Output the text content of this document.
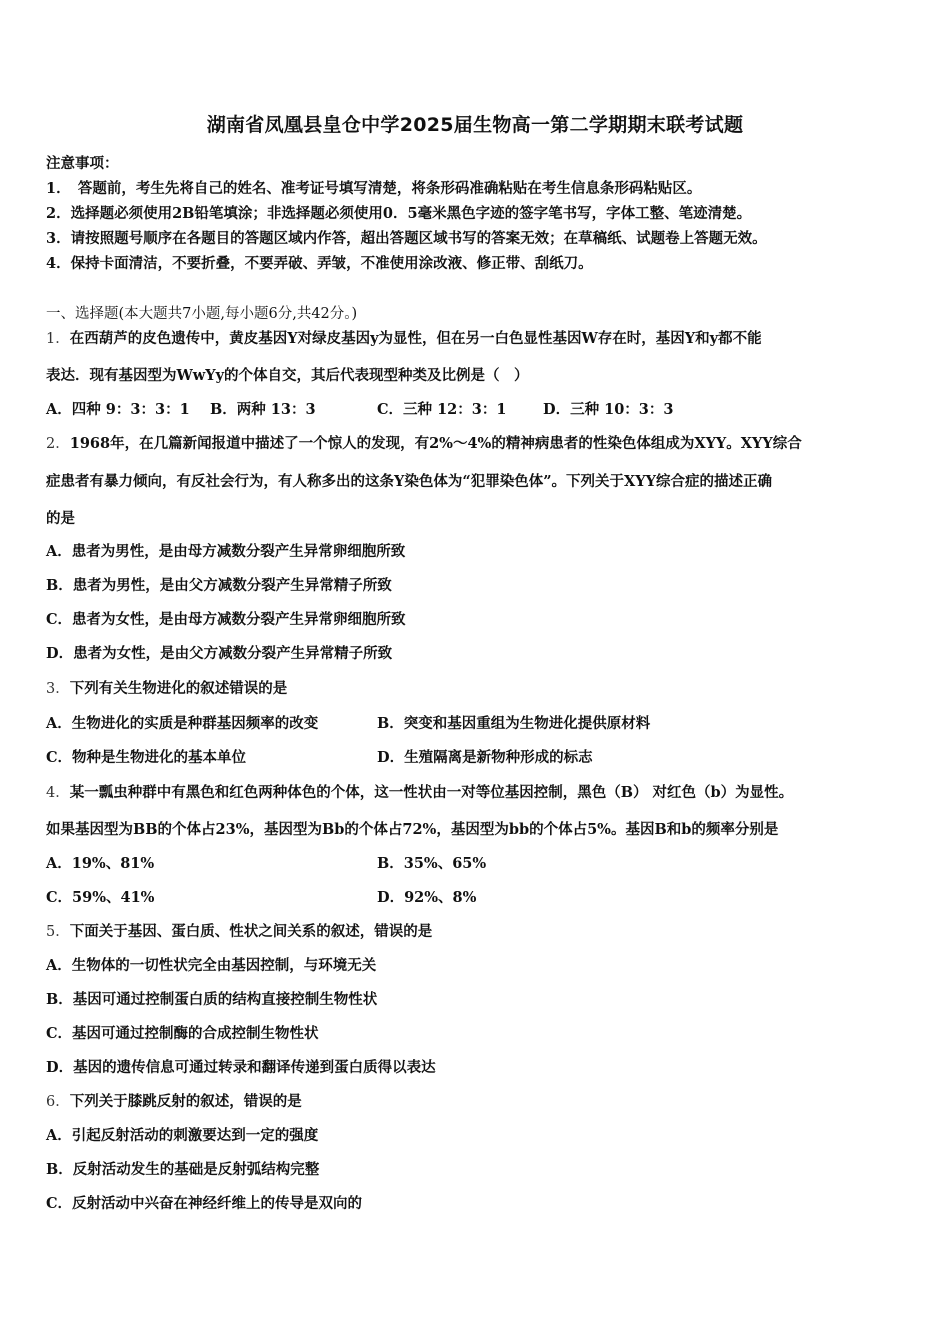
湖南省凤凰县皇仓中学2025届生物高一第二学期期末联考试题
注意事项：
1．　答题前，考生先将自己的姓名、准考证号填写清楚，将条形码准确粘贴在考生信息条形码粘贴区。
2．选择题必须使用2B铅笔填涂；非选择题必须使用0．5毫米黑色字迹的签字笔书写，字体工整、笔迹清楚。
3．请按照题号顺序在各题目的答题区域内作答，超出答题区域书写的答案无效；在草稿纸、试题卷上答题无效。
4．保持卡面清洁，不要折叠，不要弄破、弄皱，不准使用涂改液、修正带、刮纸刀。
一、选择题(本大题共7小题,每小题6分,共42分。)
1．在西葫芦的皮色遗传中，黄皮基因Y对绿皮基因y为显性，但在另一白色显性基因W存在时，基因Y和y都不能
表达．现有基因型为WwYy的个体自交，其后代表现型种类及比例是（　）
A．四种 9：3：3：1 B．两种 13：3	C．三种 12：3：1	D．三种 10：3：3
2．1968年，在几篇新闻报道中描述了一个惊人的发现，有2%～4%的精神病患者的性染色体组成为XYY。XYY综合
症患者有暴力倾向，有反社会行为，有人称多出的这条Y染色体为“犯罪染色体”。下列关于XYY综合症的描述正确
的是
A．患者为男性，是由母方减数分裂产生异常卵细胞所致
B．患者为男性，是由父方减数分裂产生异常精子所致
C．患者为女性，是由母方减数分裂产生异常卵细胞所致
D．患者为女性，是由父方减数分裂产生异常精子所致
3．下列有关生物进化的叙述错误的是
A．生物进化的实质是种群基因频率的改变	B．突变和基因重组为生物进化提供原材料
C．物种是生物进化的基本单位	D．生殖隔离是新物种形成的标志
4．某一瓢虫种群中有黑色和红色两种体色的个体，这一性状由一对等位基因控制，黑色（B） 对红色（b）为显性。
如果基因型为BB的个体占23%，基因型为Bb的个体占72%，基因型为bb的个体占5%。基因B和b的频率分别是
A．19%、81%	B．35%、65%
C．59%、41%	D．92%、8%
5．下面关于基因、蛋白质、性状之间关系的叙述，错误的是
A．生物体的一切性状完全由基因控制，与环境无关
B．基因可通过控制蛋白质的结构直接控制生物性状
C．基因可通过控制酶的合成控制生物性状
D．基因的遗传信息可通过转录和翻译传递到蛋白质得以表达
6．下列关于膝跳反射的叙述，错误的是
A．引起反射活动的刺激要达到一定的强度
B．反射活动发生的基础是反射弧结构完整
C．反射活动中兴奋在神经纤维上的传导是双向的
